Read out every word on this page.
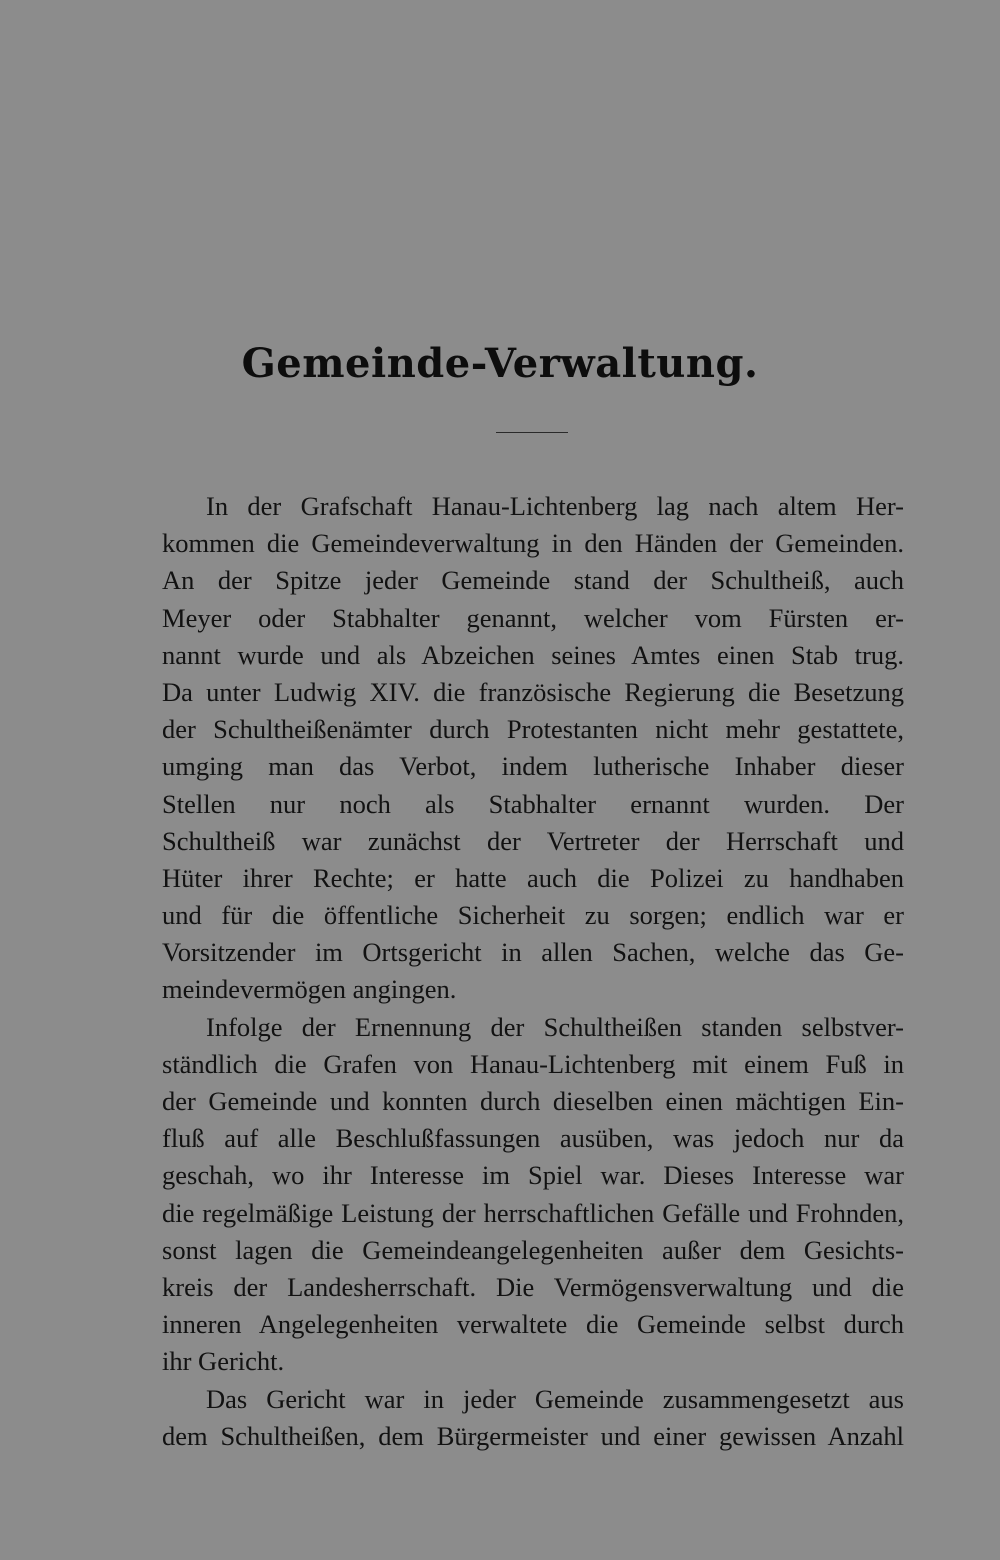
Gemeinde-Verwaltung.
In der Grafschaft Hanau-Lichtenberg lag nach altem Her-
kommen die Gemeindeverwaltung in den Händen der Gemeinden.
An der Spitze jeder Gemeinde stand der Schultheiß, auch
Meyer oder Stabhalter genannt, welcher vom Fürsten er-
nannt wurde und als Abzeichen seines Amtes einen Stab trug.
Da unter Ludwig XIV. die französische Regierung die Besetzung
der Schultheißenämter durch Protestanten nicht mehr gestattete,
umging man das Verbot, indem lutherische Inhaber dieser
Stellen nur noch als Stabhalter ernannt wurden. Der
Schultheiß war zunächst der Vertreter der Herrschaft und
Hüter ihrer Rechte; er hatte auch die Polizei zu handhaben
und für die öffentliche Sicherheit zu sorgen; endlich war er
Vorsitzender im Ortsgericht in allen Sachen, welche das Ge-
meindevermögen angingen.
Infolge der Ernennung der Schultheißen standen selbstver-
ständlich die Grafen von Hanau-Lichtenberg mit einem Fuß in
der Gemeinde und konnten durch dieselben einen mächtigen Ein-
fluß auf alle Beschlußfassungen ausüben, was jedoch nur da
geschah, wo ihr Interesse im Spiel war. Dieses Interesse war
die regelmäßige Leistung der herrschaftlichen Gefälle und Frohnden,
sonst lagen die Gemeindeangelegenheiten außer dem Gesichts-
kreis der Landesherrschaft. Die Vermögensverwaltung und die
inneren Angelegenheiten verwaltete die Gemeinde selbst durch
ihr Gericht.
Das Gericht war in jeder Gemeinde zusammengesetzt aus
dem Schultheißen, dem Bürgermeister und einer gewissen Anzahl
